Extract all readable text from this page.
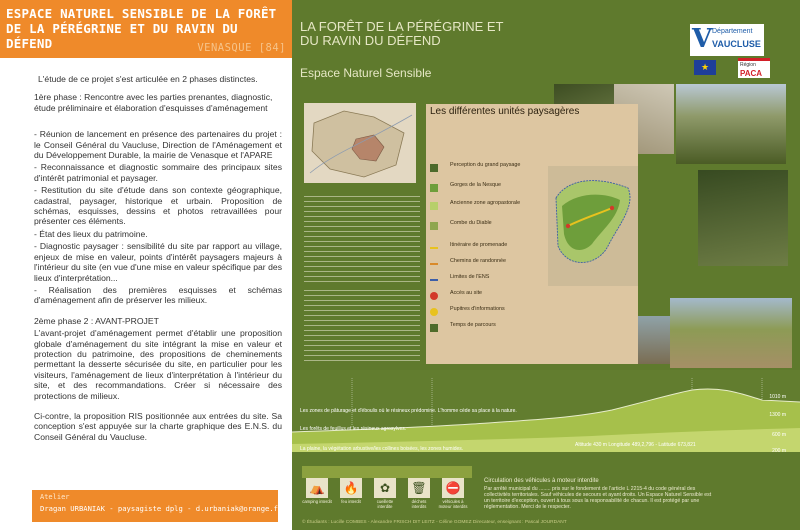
ESPACE NATUREL SENSIBLE DE LA FORÊT DE LA PÉRÉGRINE ET DU RAVIN DU DÉFEND	VENASQUE [84]

L'étude de ce projet s'est articulée en 2 phases distinctes.

1ère phase : Rencontre avec les parties prenantes, diagnostic, étude préliminaire et élaboration d'esquisses d'aménagement

- Réunion de lancement en présence des partenaires du projet : le Conseil Général du Vaucluse, Direction de l'Aménagement et du Développement Durable, la mairie de Venasque et l'APARE

- Reconnaissance et diagnostic sommaire des principaux sites d'intérêt patrimonial et paysager.

- Restitution du site d'étude dans son contexte géographique, cadastral, paysager, historique et urbain. Proposition de schémas, esquisses, dessins et photos retravaillées pour présenter ces éléments.

- État des lieux du patrimoine.

- Diagnostic paysager : sensibilité du site par rapport au village, enjeux de mise en valeur, points d'intérêt paysagers majeurs à l'intérieur du site (en vue d'une mise en valeur spécifique par des lieux d'interprétation...

- Réalisation des premières esquisses et schémas d'aménagement afin de préserver les milieux.

2ème phase 2 : AVANT-PROJET

L'avant-projet d'aménagement permet d'établir une proposition globale d'aménagement du site intégrant la mise en valeur et protection du patrimoine, des propositions de cheminements permettant la desserte sécurisée du site, en particulier pour les visiteurs, l'aménagement de lieux d'interprétation à l'intérieur du site, et des recommandations. Créer si nécessaire des protections de milieux.

Ci-contre, la proposition RIS positionnée aux entrées du site. Sa conception s'est appuyée sur la charte graphique des E.N.S. du Conseil Général du Vaucluse.

Atelier
Dragan URBANIAK - paysagiste dplg - d.urbaniak@orange.fr
LA FORÊT DE LA PÉRÉGRINE ET
DU RAVIN DU DÉFEND
Espace Naturel Sensible
V Département
VAUCLUSE
★	Région
PACA
Les différentes unités paysagères
Perception du grand paysage
Gorges de la Nesque
Ancienne zone agropastorale
Combe du Diable
Itinéraire de promenade
Chemins de randonnée
Limites de l'ENS
Accès au site
Pupitres d'informations
Temps de parcours
Les zones de pâturage et d'éboulis où le résineux prédomine. L'homme cède sa place à la nature.
Les forêts de feuillus et les résineux agrosylves.
La plaine, la végétation arbustive/les collines boisées, les zones humides.
1010 m
1300 m
600 m
200 m
Altitude 430 m Longitude 489,2,796 - Latitude 673,821
Circulation des véhicules à moteur interdite
Par arrêté municipal du ........ pris sur le fondement de l'article L 2215-4 du code général des collectivités territoriales. Sauf véhicules de secours et ayant droits. Un Espace Naturel Sensible est un territoire d'exception, ouvert à tous sous la responsabilité de chacun. Il est protégé par une réglementation. Merci de le respecter.
⛺
camping interdit
🔥
feu interdit
✿
cueillette interdite
🗑
déchets interdits
⛔
véhicules à moteur interdits
© Étudiants : Lucille COMBES - Alexandre FRISCH DIT LEITZ - Céline GOMEZ Direcateur, enseignant : Pascal JOURDANT
